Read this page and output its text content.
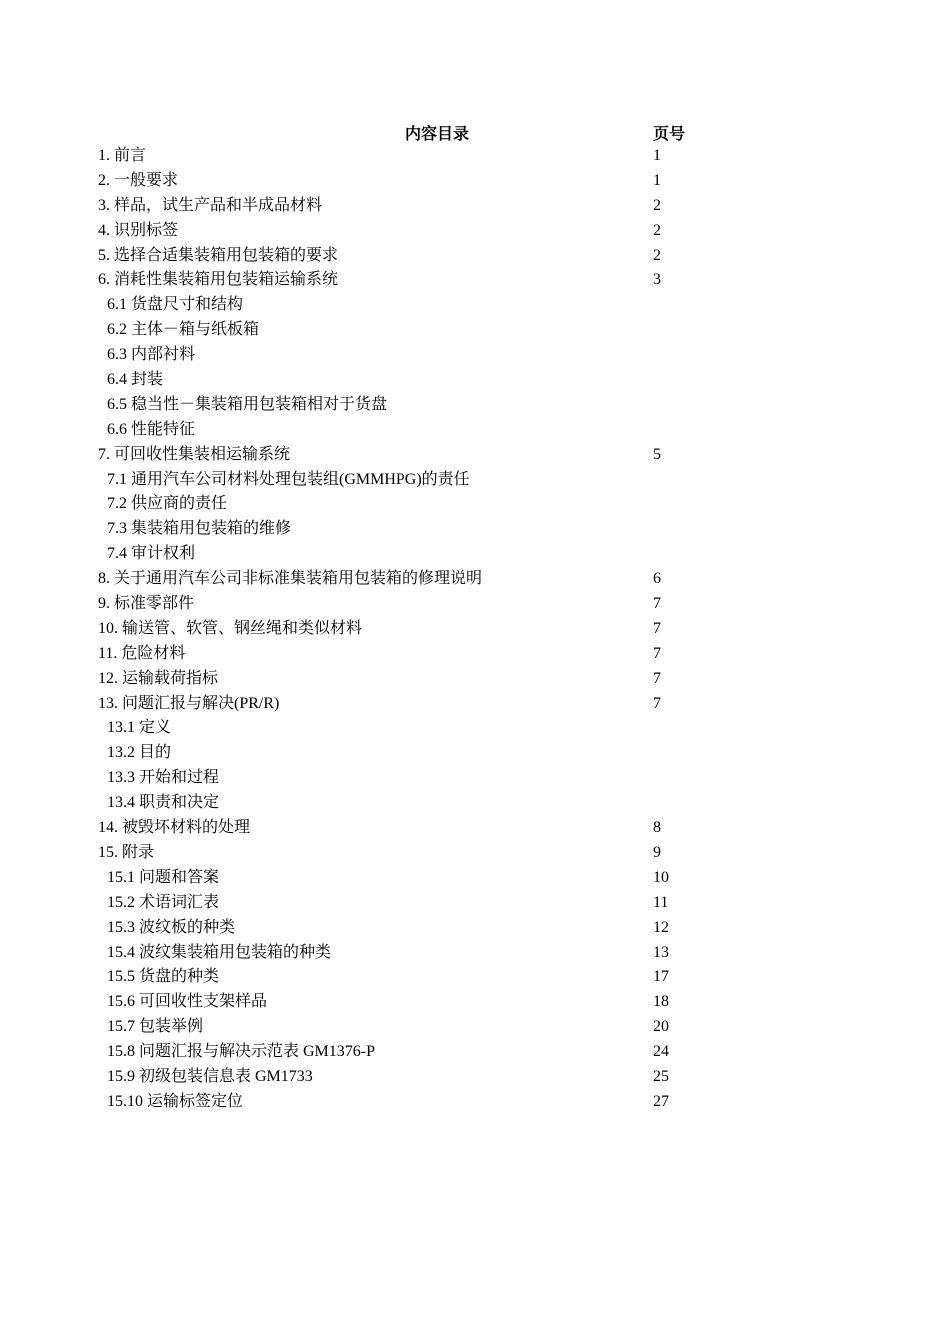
内容目录	页号
1. 前言	1
2. 一般要求	1
3. 样品，试生产品和半成品材料	2
4. 识别标签	2
5. 选择合适集装箱用包装箱的要求	2
6. 消耗性集装箱用包装箱运输系统	3
6.1 货盘尺寸和结构
6.2 主体－箱与纸板箱
6.3 内部衬料
6.4 封装
6.5 稳当性－集装箱用包装箱相对于货盘
6.6 性能特征
7. 可回收性集装相运输系统	5
7.1 通用汽车公司材料处理包装组(GMMHPG)的责任
7.2 供应商的责任
7.3 集装箱用包装箱的维修
7.4 审计权利
8. 关于通用汽车公司非标准集装箱用包装箱的修理说明	6
9. 标准零部件	7
10. 输送管、软管、钢丝绳和类似材料	7
11. 危险材料	7
12. 运输载荷指标	7
13. 问题汇报与解决(PR/R)	7
13.1 定义
13.2 目的
13.3 开始和过程
13.4 职责和决定
14. 被毁坏材料的处理	8
15. 附录	9
15.1 问题和答案	10
15.2 术语词汇表	11
15.3 波纹板的种类	12
15.4 波纹集装箱用包装箱的种类	13
15.5 货盘的种类	17
15.6 可回收性支架样品	18
15.7 包装举例	20
15.8 问题汇报与解决示范表 GM1376-P	24
15.9 初级包装信息表 GM1733	25
15.10 运输标签定位	27
